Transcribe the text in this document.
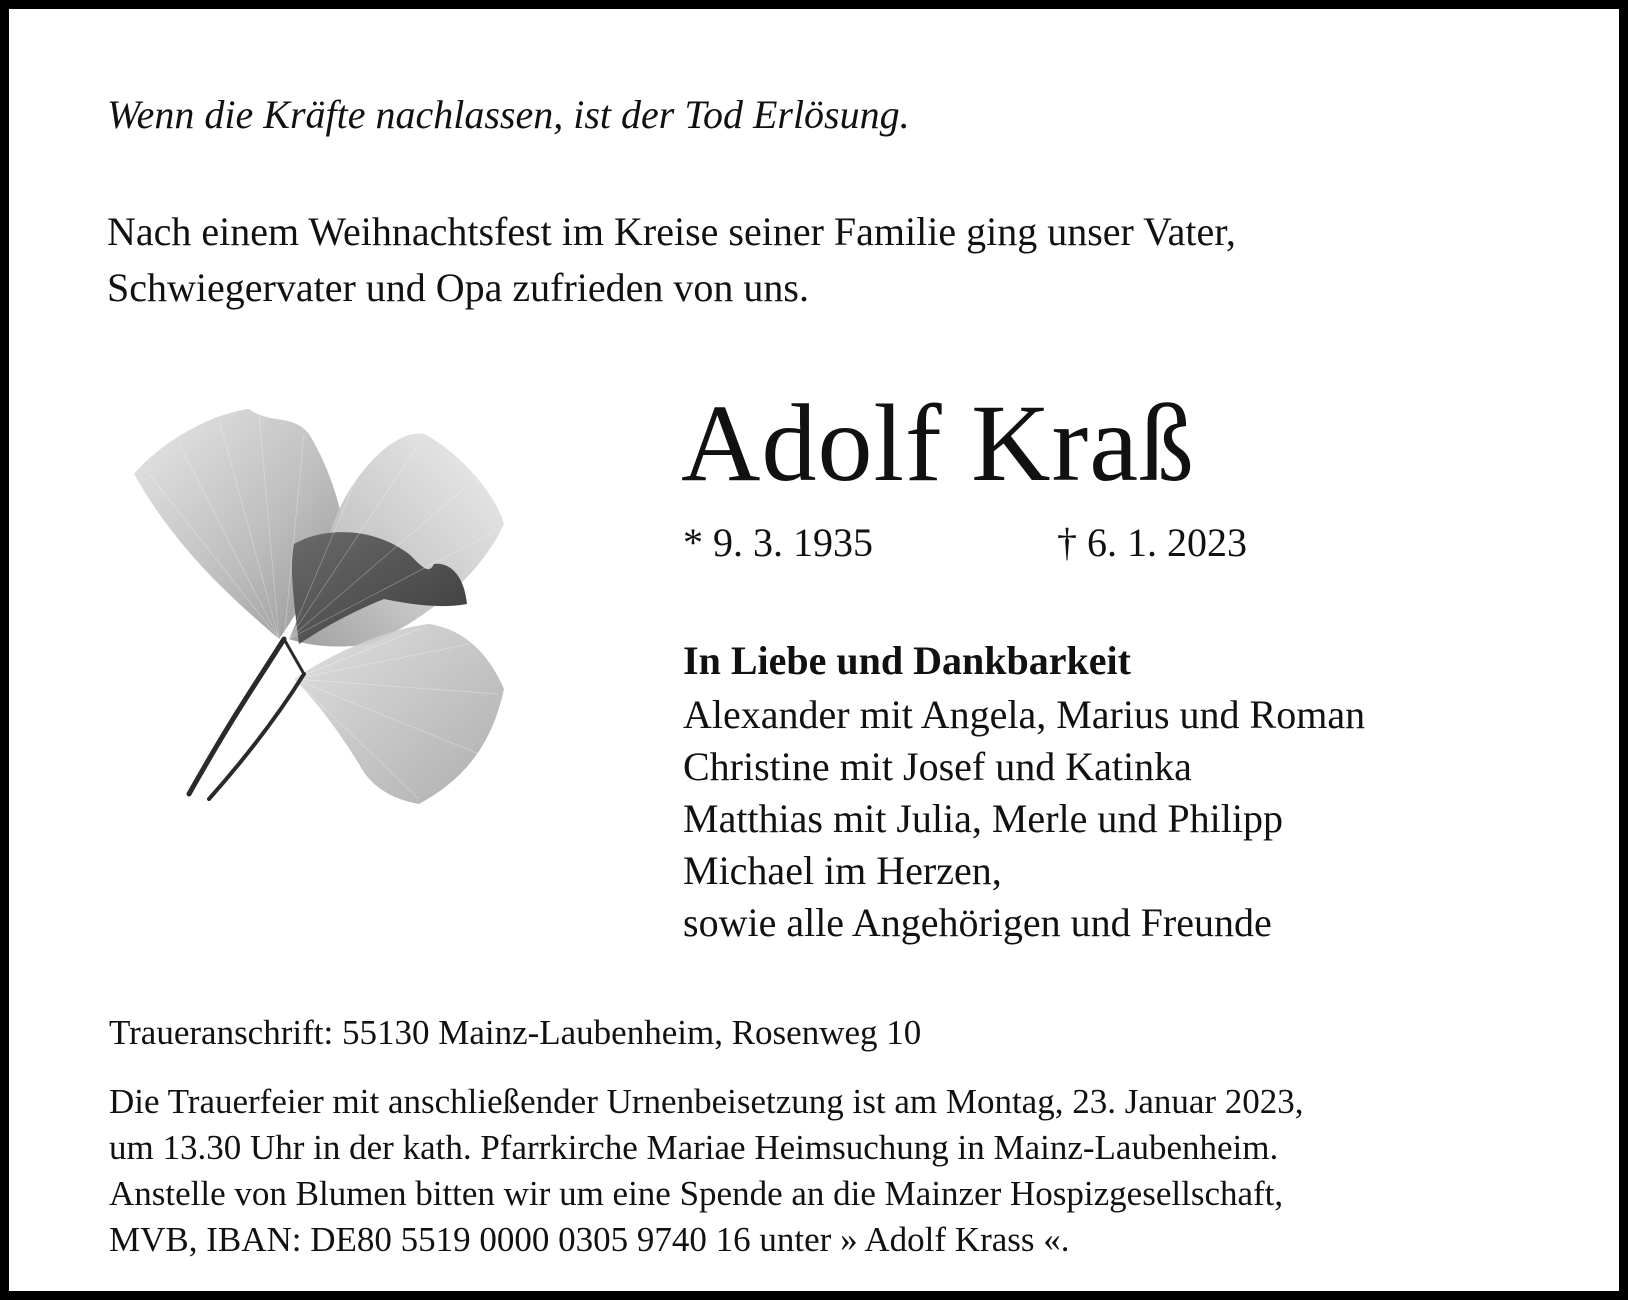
Wenn die Kräfte nachlassen, ist der Tod Erlösung.
Nach einem Weihnachtsfest im Kreise seiner Familie ging unser Vater,
Schwiegervater und Opa zufrieden von uns.
Adolf Kraß
* 9. 3. 1935	† 6. 1. 2023
In Liebe und Dankbarkeit
Alexander mit Angela, Marius und Roman
Christine mit Josef und Katinka
Matthias mit Julia, Merle und Philipp
Michael im Herzen,
sowie alle Angehörigen und Freunde
Traueranschrift: 55130 Mainz-Laubenheim, Rosenweg 10
Die Trauerfeier mit anschließender Urnenbeisetzung ist am Montag, 23. Januar 2023,
um 13.30 Uhr in der kath. Pfarrkirche Mariae Heimsuchung in Mainz-Laubenheim.
Anstelle von Blumen bitten wir um eine Spende an die Mainzer Hospizgesellschaft,
MVB, IBAN: DE80 5519 0000 0305 9740 16 unter » Adolf Krass «.
